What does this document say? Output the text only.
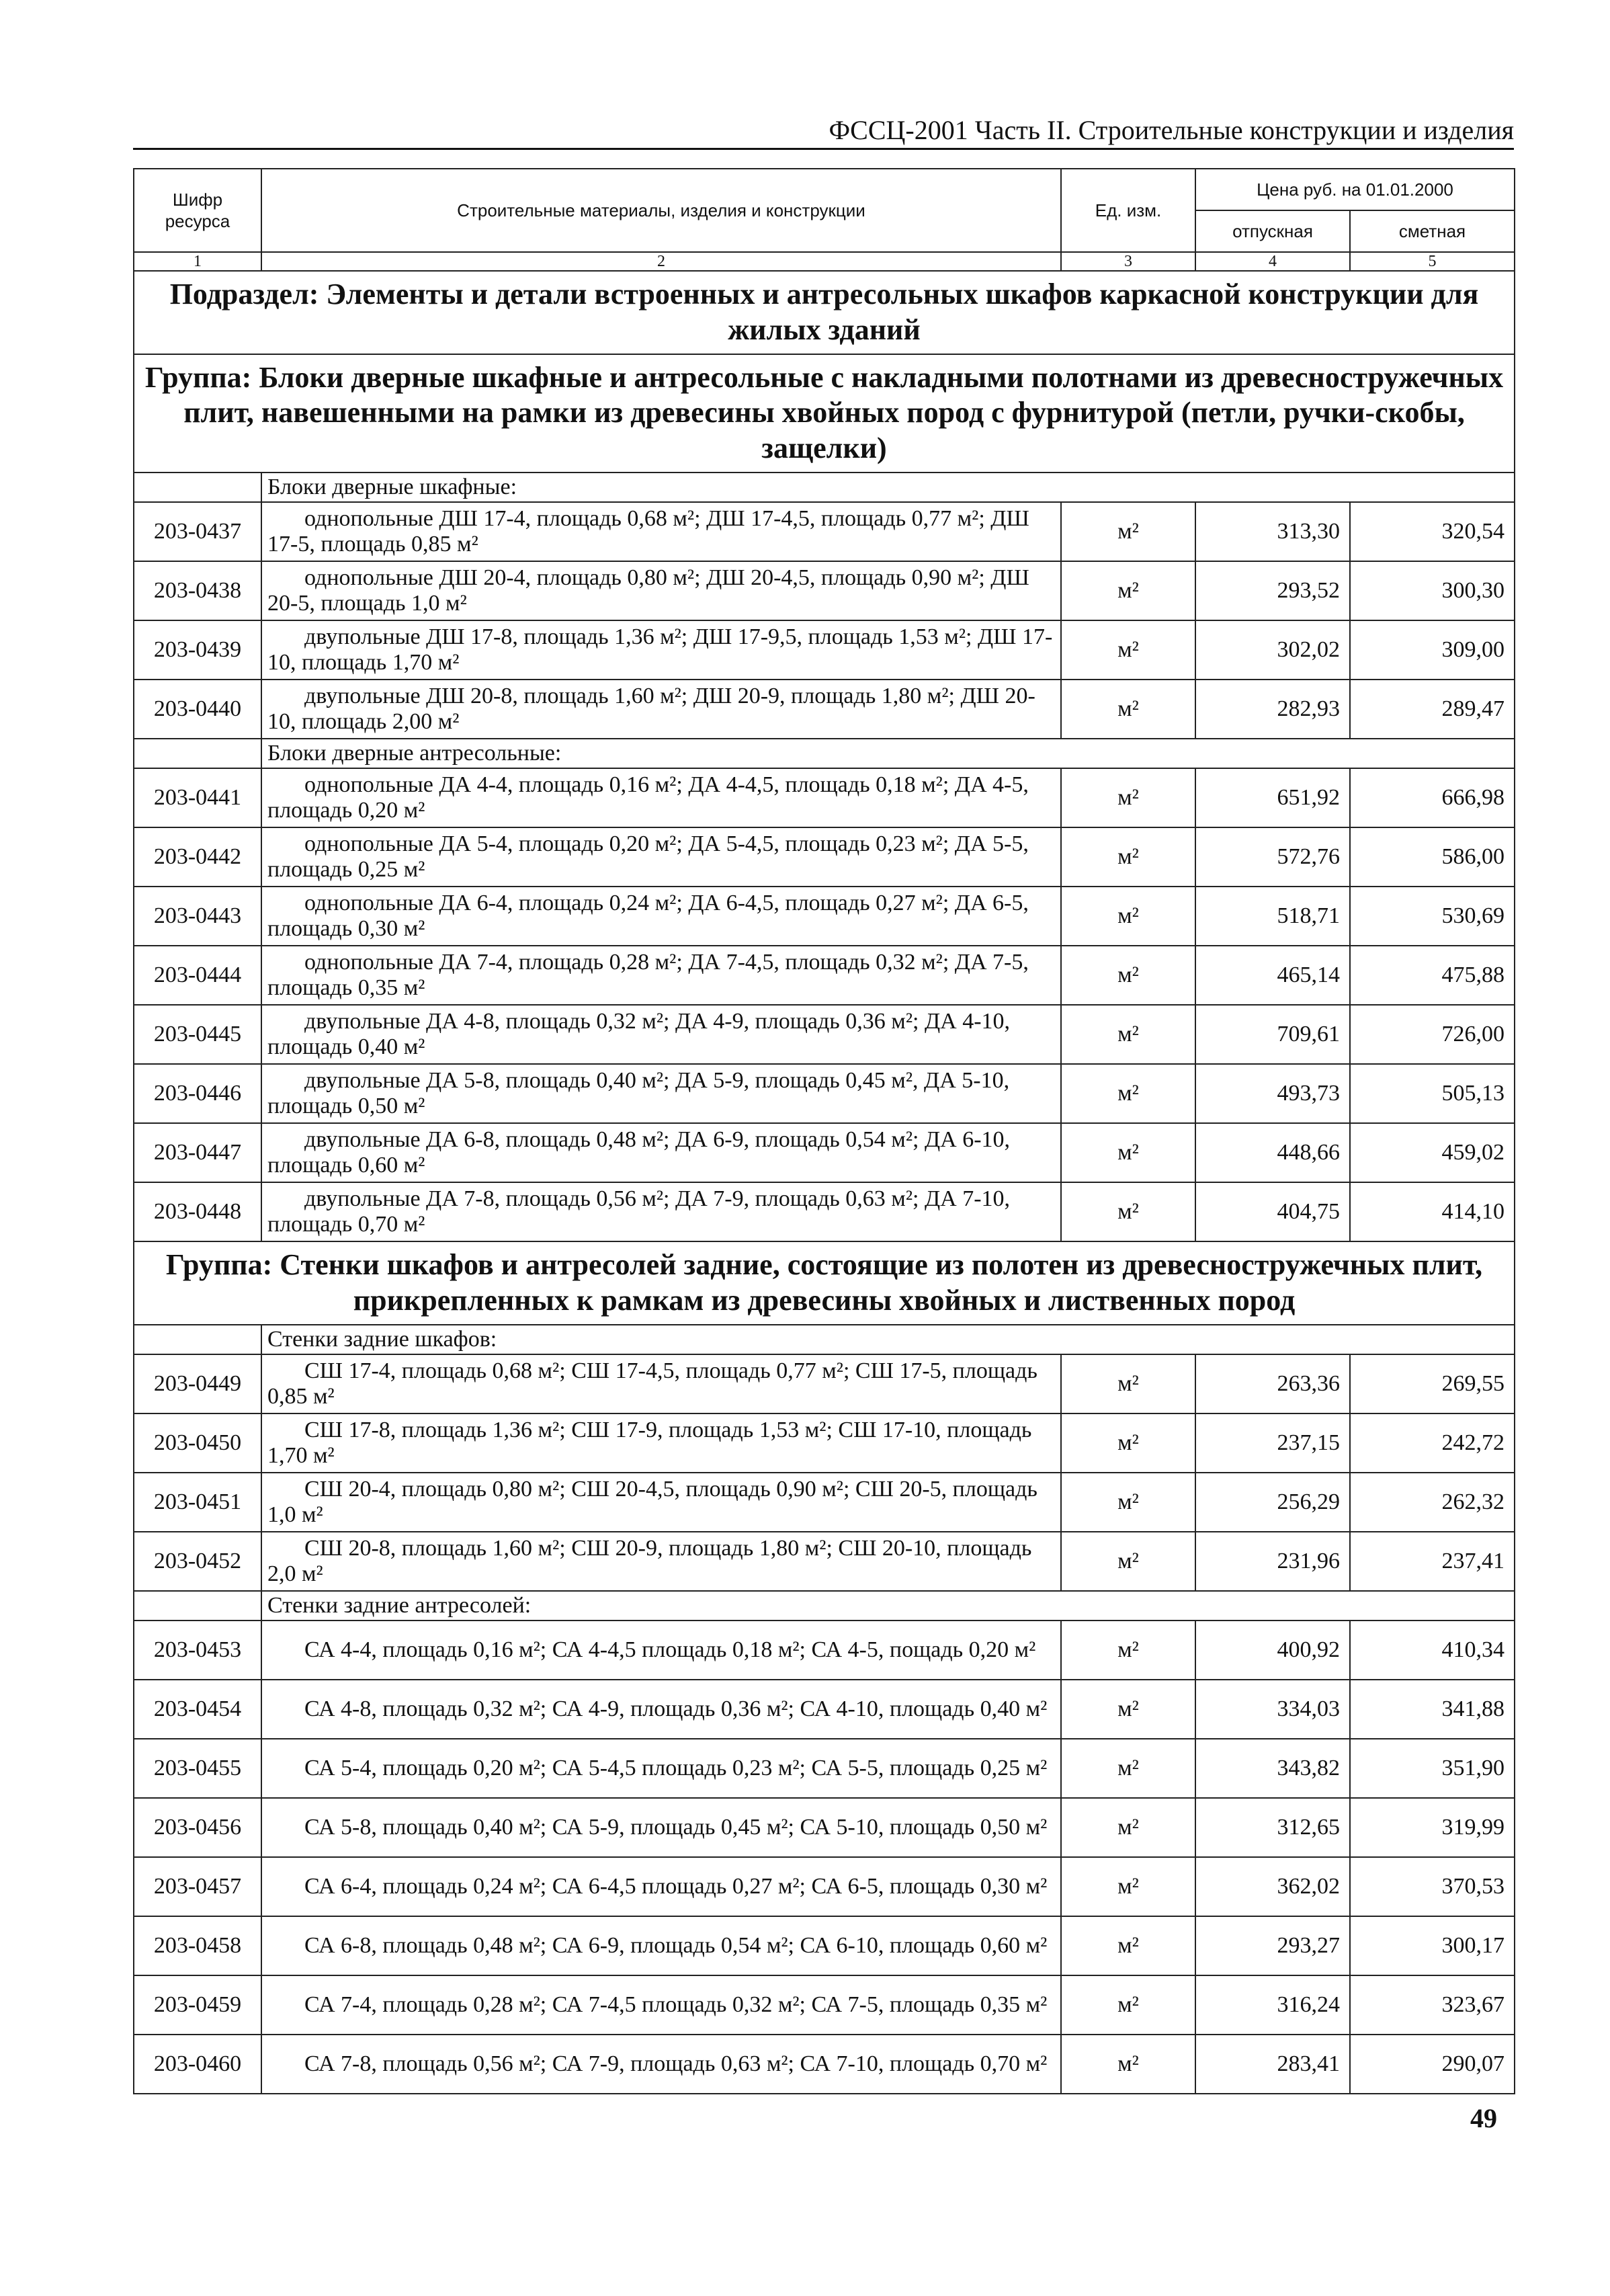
ФССЦ-2001 Часть II. Строительные конструкции и изделия
Шифр ресурса	Строительные материалы, изделия и конструкции	Ед. изм.	Цена руб. на 01.01.2000	
			отпускная	сметная
1	2	3	4	5
Подраздел: Элементы и детали встроенных и антресольных шкафов каркасной конструкции для жилых зданий				
Группа: Блоки дверные шкафные и антресольные с накладными полотнами из древесностружечных плит, навешенными на рамки из древесины хвойных пород с фурнитурой (петли, ручки-скобы, защелки)				
	Блоки дверные шкафные:			
203-0437	однопольные ДШ 17-4, площадь 0,68 м²; ДШ 17-4,5, площадь 0,77 м²; ДШ 17-5, площадь 0,85 м²	м²	313,30	320,54
203-0438	однопольные ДШ 20-4, площадь 0,80 м²; ДШ 20-4,5, площадь 0,90 м²; ДШ 20-5, площадь 1,0 м²	м²	293,52	300,30
203-0439	двупольные ДШ 17-8, площадь 1,36 м²; ДШ 17-9,5, площадь 1,53 м²; ДШ 17-10, площадь 1,70 м²	м²	302,02	309,00
203-0440	двупольные ДШ 20-8, площадь 1,60 м²; ДШ 20-9, площадь 1,80 м²; ДШ 20-10, площадь 2,00 м²	м²	282,93	289,47
	Блоки дверные антресольные:			
203-0441	однопольные ДА 4-4, площадь 0,16 м²; ДА 4-4,5, площадь 0,18 м²; ДА 4-5, площадь 0,20 м²	м²	651,92	666,98
203-0442	однопольные ДА 5-4, площадь 0,20 м²; ДА 5-4,5, площадь 0,23 м²; ДА 5-5, площадь 0,25 м²	м²	572,76	586,00
203-0443	однопольные ДА 6-4, площадь 0,24 м²; ДА 6-4,5, площадь 0,27 м²; ДА 6-5, площадь 0,30 м²	м²	518,71	530,69
203-0444	однопольные ДА 7-4, площадь 0,28 м²; ДА 7-4,5, площадь 0,32 м²; ДА 7-5, площадь 0,35 м²	м²	465,14	475,88
203-0445	двупольные ДА 4-8, площадь 0,32 м²; ДА 4-9, площадь 0,36 м²; ДА 4-10, площадь 0,40 м²	м²	709,61	726,00
203-0446	двупольные ДА 5-8, площадь 0,40 м²; ДА 5-9, площадь 0,45 м², ДА 5-10, площадь 0,50 м²	м²	493,73	505,13
203-0447	двупольные ДА 6-8, площадь 0,48 м²; ДА 6-9, площадь 0,54 м²; ДА 6-10, площадь 0,60 м²	м²	448,66	459,02
203-0448	двупольные ДА 7-8, площадь 0,56 м²; ДА 7-9, площадь 0,63 м²; ДА 7-10, площадь 0,70 м²	м²	404,75	414,10
Группа: Стенки шкафов и антресолей задние, состоящие из полотен из древесностружечных плит, прикрепленных к рамкам из древесины хвойных и лиственных пород				
	Стенки задние шкафов:			
203-0449	СШ 17-4, площадь 0,68 м²; СШ 17-4,5, площадь 0,77 м²; СШ 17-5, площадь 0,85 м²	м²	263,36	269,55
203-0450	СШ 17-8, площадь 1,36 м²; СШ 17-9, площадь 1,53 м²; СШ 17-10, площадь 1,70 м²	м²	237,15	242,72
203-0451	СШ 20-4, площадь 0,80 м²; СШ 20-4,5, площадь 0,90 м²; СШ 20-5, площадь 1,0 м²	м²	256,29	262,32
203-0452	СШ 20-8, площадь 1,60 м²; СШ 20-9, площадь 1,80 м²; СШ 20-10, площадь 2,0 м²	м²	231,96	237,41
	Стенки задние антресолей:			
203-0453	СА 4-4, площадь 0,16 м²; СА 4-4,5 площадь 0,18 м²; СА 4-5, пощадь 0,20 м²	м²	400,92	410,34
203-0454	СА 4-8, площадь 0,32 м²; СА 4-9, площадь 0,36 м²; СА 4-10, площадь 0,40 м²	м²	334,03	341,88
203-0455	СА 5-4, площадь 0,20 м²; СА 5-4,5 площадь 0,23 м²; СА 5-5, площадь 0,25 м²	м²	343,82	351,90
203-0456	СА 5-8, площадь 0,40 м²; СА 5-9, площадь 0,45 м²; СА 5-10, площадь 0,50 м²	м²	312,65	319,99
203-0457	СА 6-4, площадь 0,24 м²; СА 6-4,5 площадь 0,27 м²; СА 6-5, площадь 0,30 м²	м²	362,02	370,53
203-0458	СА 6-8, площадь 0,48 м²; СА 6-9, площадь 0,54 м²; СА 6-10, площадь 0,60 м²	м²	293,27	300,17
203-0459	СА 7-4, площадь 0,28 м²; СА 7-4,5 площадь 0,32 м²; СА 7-5, площадь 0,35 м²	м²	316,24	323,67
203-0460	СА 7-8, площадь 0,56 м²; СА 7-9, площадь 0,63 м²; СА 7-10, площадь 0,70 м²	м²	283,41	290,07
49
